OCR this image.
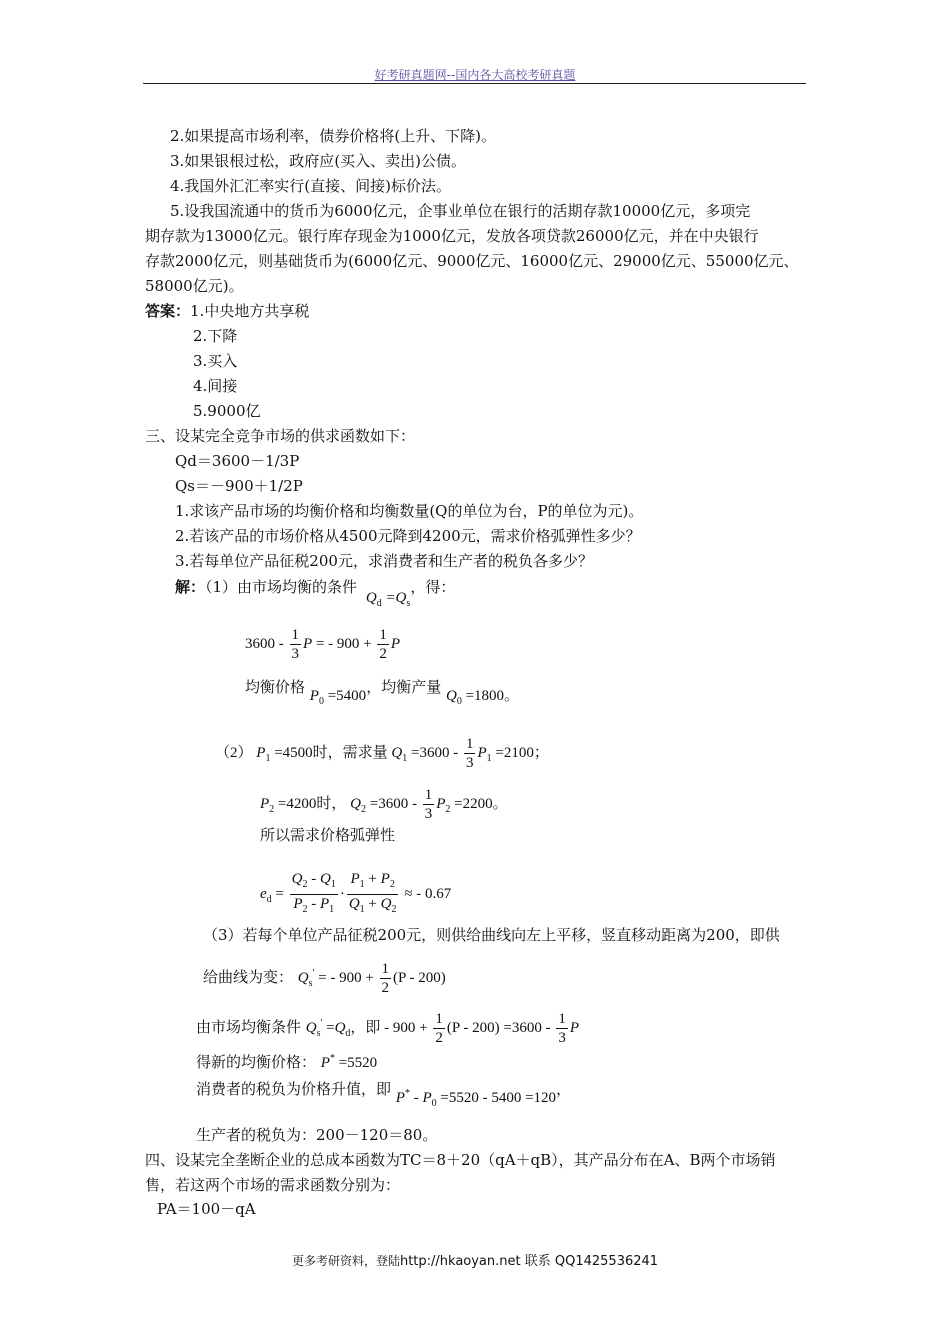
好考研真题网--国内各大高校考研真题
2.如果提高市场利率，债券价格将(上升、下降)。
3.如果银根过松，政府应(买入、卖出)公债。
4.我国外汇汇率实行(直接、间接)标价法。
5.设我国流通中的货币为6000亿元，企事业单位在银行的活期存款10000亿元，多项完
期存款为13000亿元。银行库存现金为1000亿元，发放各项贷款26000亿元，并在中央银行
存款2000亿元，则基础货币为(6000亿元、9000亿元、16000亿元、29000亿元、55000亿元、
58000亿元)。
答案：1.中央地方共享税
2.下降
3.买入
4.间接
5.9000亿
三、设某完全竞争市场的供求函数如下：
Qd＝3600－1/3P
Qs＝－900＋1/2P
1.求该产品市场的均衡价格和均衡数量(Q的单位为台，P的单位为元)。
2.若该产品的市场价格从4500元降到4200元，需求价格弧弹性多少？
3.若每单位产品征税200元，求消费者和生产者的税负各多少？
解：（1）由市场均衡的条件 $Q_d =Q_s$，得：
$3600 - \frac{1}{3}$ P = - $900 + \frac{1}{2}$ P
均衡价格 $P_0 =5400$，均衡产量 $Q_0 =1800$。
（2） $P_1 =4500$时，需求量 $Q_1 =3600 - \frac{1}{3} P_1 =2100$；
$P_2 =4200$时， $Q_2 =3600 - \frac{1}{3} P_2 =2200$。
所以需求价格弧弹性
$e_d = \frac{Q_2 - Q_1}{P_2 - P_1} \cdot \frac{P_1 + P_2}{Q_1 + Q_2}$ ≈ - 0.67
（3）若每个单位产品征税200元，则供给曲线向左上平移，竖直移动距离为200，即供
给曲线为变： $Q_s'$ = - $900 + \frac{1}{2} (P - 200)$
由市场均衡条件 $Q_s' =Q_d$，即 - $900 + \frac{1}{2} (P - 200) =3600 - \frac{1}{3}$ P
得新的均衡价格： P* =5520
消费者的税负为价格升值，即 $P^* - P_0 =5520 - 5400 =120$，
生产者的税负为：200－120＝80。
四、设某完全垄断企业的总成本函数为TC＝8＋20（qA＋qB），其产品分布在A、B两个市场销
售，若这两个市场的需求函数分别为：
PA＝100－qA
更多考研资料，登陆http://hkaoyan.net 联系 QQ1425536241
